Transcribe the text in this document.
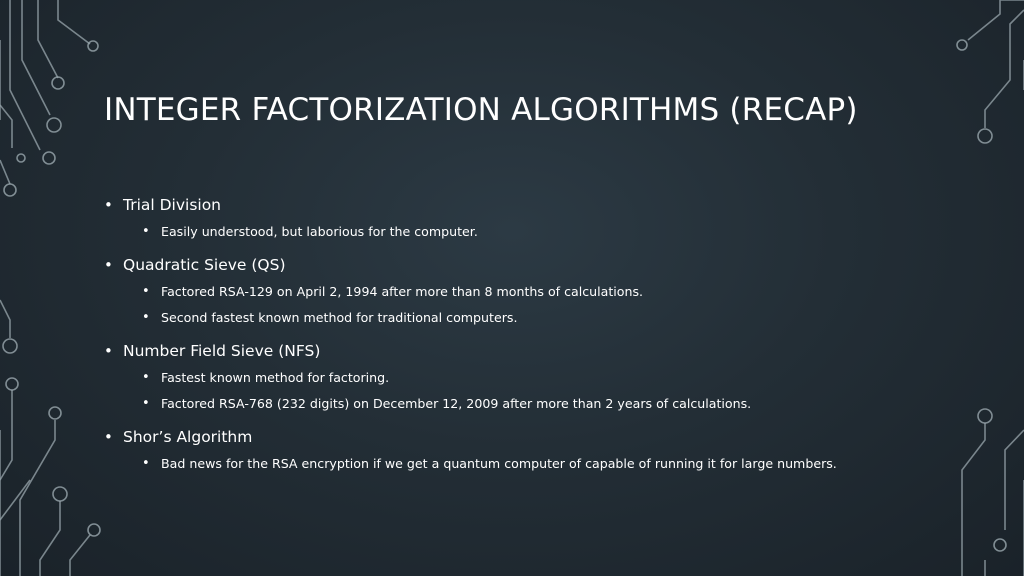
INTEGER FACTORIZATION ALGORITHMS (RECAP)
• Trial Division
• Easily understood, but laborious for the computer.
• Quadratic Sieve (QS)
• Factored RSA-129 on April 2, 1994 after more than 8 months of calculations.
• Second fastest known method for traditional computers.
• Number Field Sieve (NFS)
• Fastest known method for factoring.
• Factored RSA-768 (232 digits) on December 12, 2009 after more than 2 years of calculations.
• Shor’s Algorithm
• Bad news for the RSA encryption if we get a quantum computer of capable of running it for large numbers.
